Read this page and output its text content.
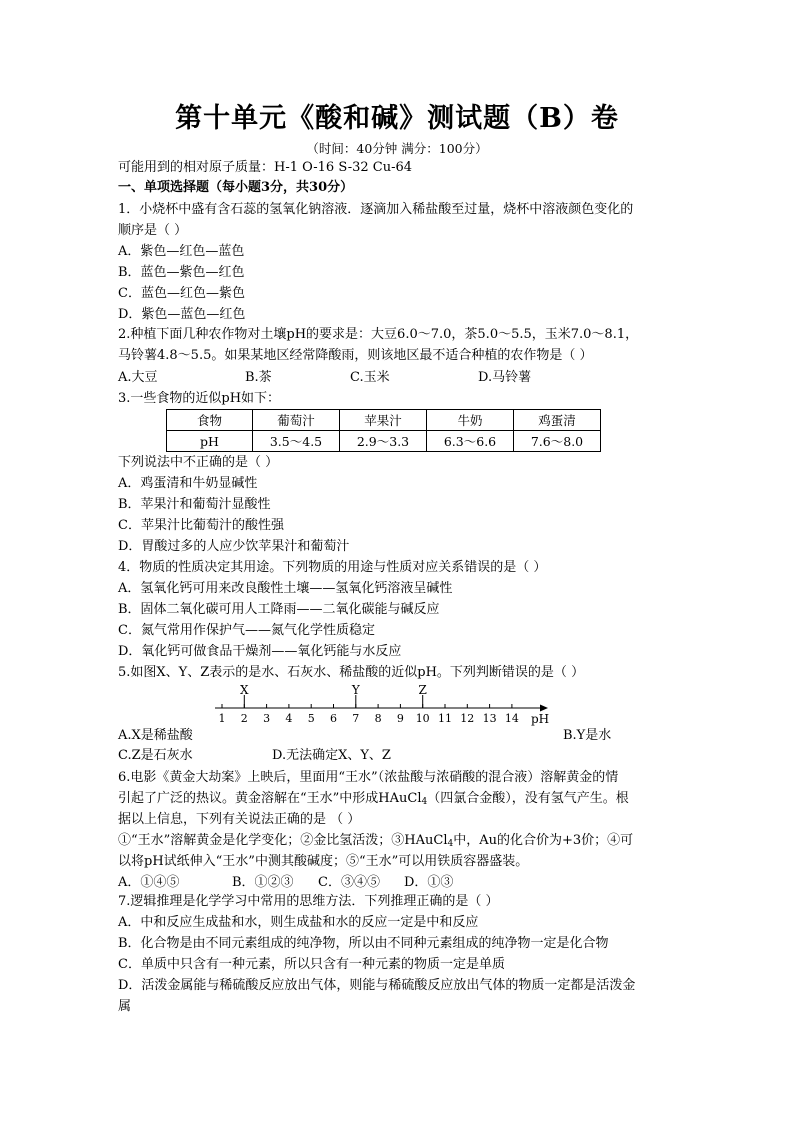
第十单元《酸和碱》测试题（B）卷
（时间：40分钟 满分：100分）
可能用到的相对原子质量：H-1 O-16 S-32 Cu-64
一、单项选择题（每小题3分，共30分）
1．小烧杯中盛有含石蕊的氢氧化钠溶液．逐滴加入稀盐酸至过量，烧杯中溶液颜色变化的
顺序是（ ）
A．紫色—红色—蓝色
B．蓝色—紫色—红色
C．蓝色—红色—紫色
D．紫色—蓝色—红色
2.种植下面几种农作物对土壤pH的要求是：大豆6.0～7.0，茶5.0～5.5，玉米7.0～8.1，
马铃薯4.8～5.5。如果某地区经常降酸雨，则该地区最不适合种植的农作物是（ ）
A.大豆	B.茶	C.玉米	D.马铃薯
3.一些食物的近似pH如下：
食物	葡萄汁	苹果汁	牛奶	鸡蛋清
pH	3.5～4.5	2.9～3.3	6.3～6.6	7.6～8.0
下列说法中不正确的是（ ）
A．鸡蛋清和牛奶显碱性
B．苹果汁和葡萄汁显酸性
C．苹果汁比葡萄汁的酸性强
D．胃酸过多的人应少饮苹果汁和葡萄汁
4．物质的性质决定其用途。下列物质的用途与性质对应关系错误的是（ ）
A．氢氧化钙可用来改良酸性土壤——氢氧化钙溶液呈碱性
B．固体二氧化碳可用人工降雨——二氧化碳能与碱反应
C．氮气常用作保护气——氮气化学性质稳定
D．氧化钙可做食品干燥剂——氧化钙能与水反应
5.如图X、Y、Z表示的是水、石灰水、稀盐酸的近似pH。下列判断错误的是（ ）
1 2 3 4 5 6 7 8 9 10 11 12 13 14
X	Y	Z
pH
A.X是稀盐酸	B.Y是水
C.Z是石灰水	D.无法确定X、Y、Z
6.电影《黄金大劫案》上映后，里面用“王水”（浓盐酸与浓硝酸的混合液）溶解黄金的情
引起了广泛的热议。黄金溶解在“王水”中形成HAuCl$_4$（四氯合金酸），没有氢气产生。根
据以上信息，下列有关说法正确的是 （ ）
①“王水”溶解黄金是化学变化；②金比氢活泼；③HAuCl$_4$中，Au的化合价为+3价；④可
以将pH试纸伸入“王水”中测其酸碱度；⑤“王水”可以用铁质容器盛装。
A．①④⑤	B．①②③ C．③④⑤ D．①③
7.逻辑推理是化学学习中常用的思维方法．下列推理正确的是（ ）
A．中和反应生成盐和水，则生成盐和水的反应一定是中和反应
B．化合物是由不同元素组成的纯净物，所以由不同种元素组成的纯净物一定是化合物
C．单质中只含有一种元素，所以只含有一种元素的物质一定是单质
D．活泼金属能与稀硫酸反应放出气体，则能与稀硫酸反应放出气体的物质一定都是活泼金
属
